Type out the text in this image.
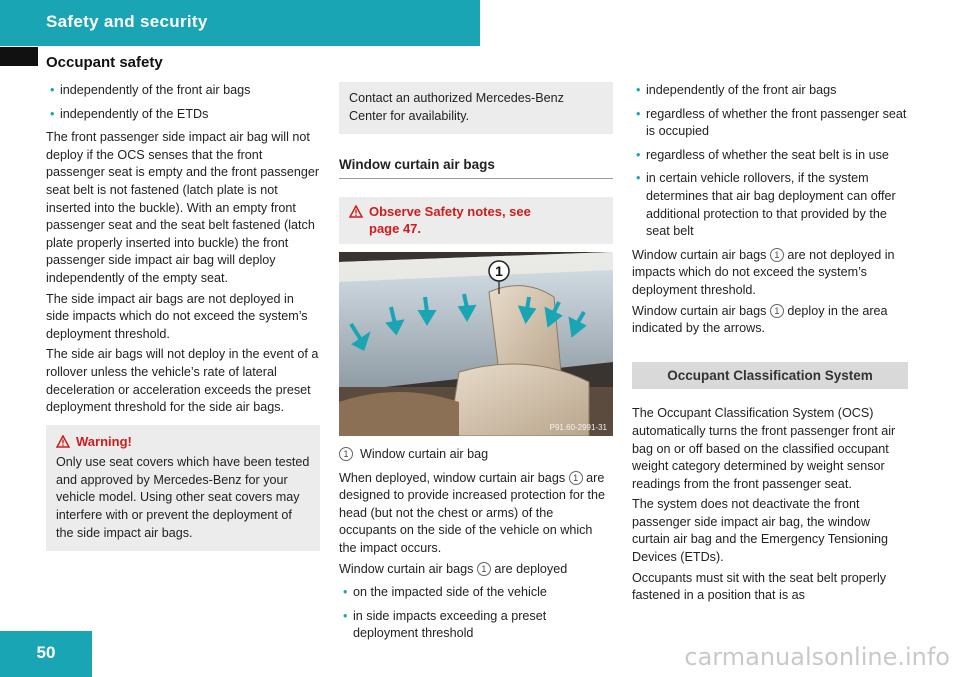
Safety and security
Occupant safety

• independently of the front air bags

• independently of the ETDs

The front passenger side impact air bag will not deploy if the OCS senses that the front passenger seat is empty and the front passenger seat belt is not fastened (latch plate is not inserted into the buckle). With an empty front passenger seat and the seat belt fastened (latch plate properly inserted into buckle) the front passenger side impact air bag will deploy independently of the empty seat.

The side impact air bags are not deployed in side impacts which do not exceed the system’s deployment threshold.

The side air bags will not deploy in the event of a rollover unless the vehicle’s rate of lateral deceleration or acceleration exceeds the preset deployment threshold for the side air bags.

Warning!
Only use seat covers which have been tested and approved by Mercedes-Benz for your vehicle model. Using other seat covers may interfere with or prevent the deployment of the side impact air bags.
Contact an authorized Mercedes-Benz Center for availability.
Window curtain air bags
Observe Safety notes, see page 47.
1
P91.60-2991-31

1 Window curtain air bag

When deployed, window curtain air bags 1 are designed to provide increased protection for the head (but not the chest or arms) of the occupants on the side of the vehicle on which the impact occurs.

Window curtain air bags 1 are deployed

• on the impacted side of the vehicle

• in side impacts exceeding a preset deployment threshold

• independently of the front air bags

• regardless of whether the front passenger seat is occupied

• regardless of whether the seat belt is in use

• in certain vehicle rollovers, if the system determines that air bag deployment can offer additional protection to that provided by the seat belt

Window curtain air bags 1 are not deployed in impacts which do not exceed the system’s deployment threshold.

Window curtain air bags 1 deploy in the area indicated by the arrows.

Occupant Classification System

The Occupant Classification System (OCS) automatically turns the front passenger front air bag on or off based on the classified occupant weight category determined by weight sensor readings from the front passenger seat.

The system does not deactivate the front passenger side impact air bag, the window curtain air bag and the Emergency Tensioning Devices (ETDs).

Occupants must sit with the seat belt properly fastened in a position that is as

50	carmanualsonline.info
